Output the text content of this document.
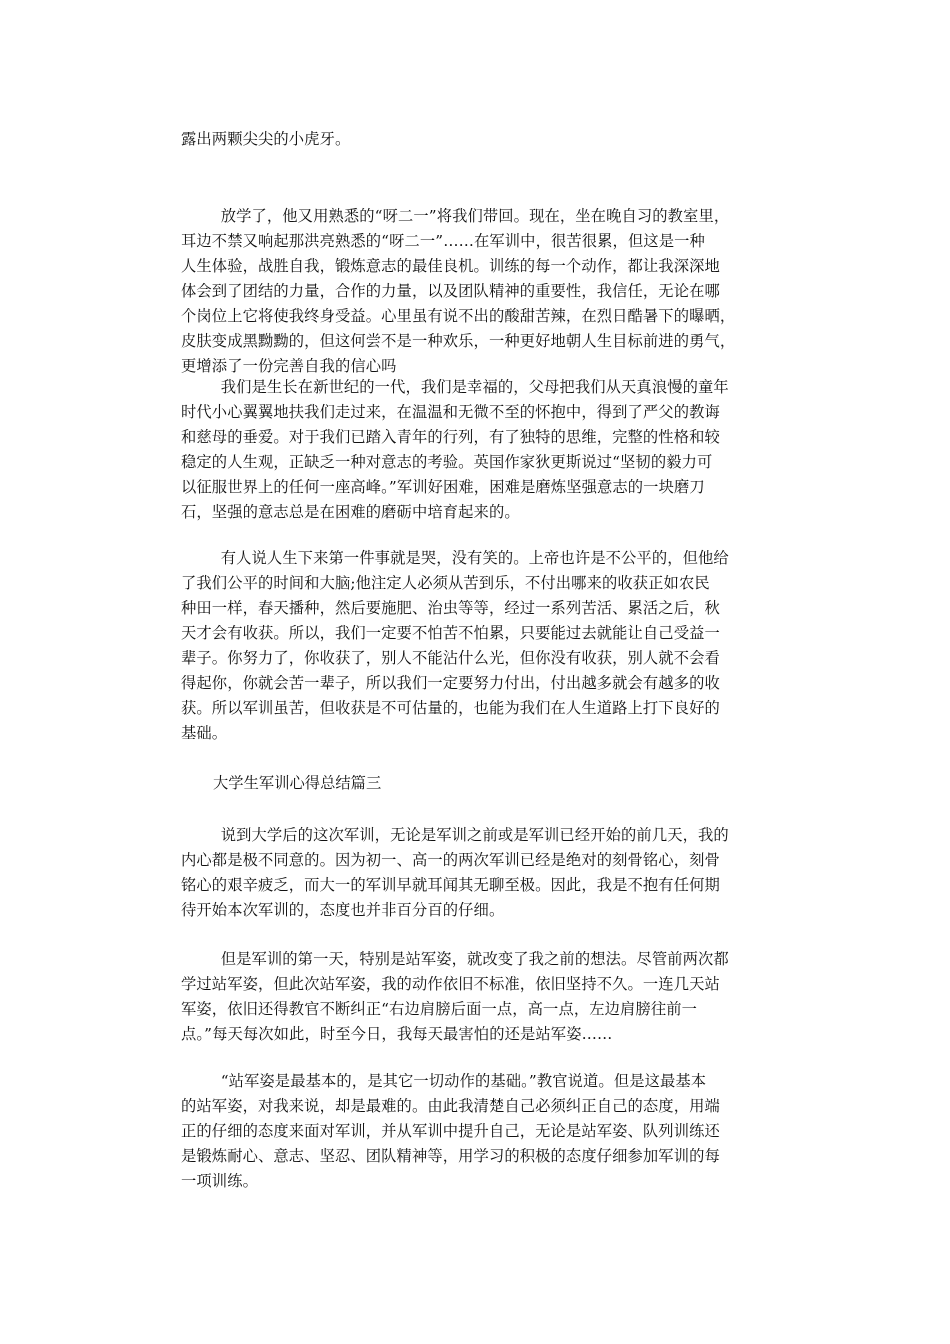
露出两颗尖尖的小虎牙。

放学了，他又用熟悉的“呀二一”将我们带回。现在，坐在晚自习的教室里，
耳边不禁又响起那洪亮熟悉的“呀二一”……在军训中，很苦很累，但这是一种
人生体验，战胜自我，锻炼意志的最佳良机。训练的每一个动作，都让我深深地
体会到了团结的力量，合作的力量，以及团队精神的重要性，我信任，无论在哪
个岗位上它将使我终身受益。心里虽有说不出的酸甜苦辣，在烈日酷暑下的曝晒，
皮肤变成黑黝黝的，但这何尝不是一种欢乐，一种更好地朝人生目标前进的勇气，
更增添了一份完善自我的信心吗

我们是生长在新世纪的一代，我们是幸福的，父母把我们从天真浪慢的童年
时代小心翼翼地扶我们走过来，在温温和无微不至的怀抱中，得到了严父的教诲
和慈母的垂爱。对于我们已踏入青年的行列，有了独特的思维，完整的性格和较
稳定的人生观，正缺乏一种对意志的考验。英国作家狄更斯说过“坚韧的毅力可
以征服世界上的任何一座高峰。”军训好困难，困难是磨炼坚强意志的一块磨刀
石，坚强的意志总是在困难的磨砺中培育起来的。

有人说人生下来第一件事就是哭，没有笑的。上帝也许是不公平的，但他给
了我们公平的时间和大脑;他注定人必须从苦到乐，不付出哪来的收获正如农民
种田一样，春天播种，然后要施肥、治虫等等，经过一系列苦活、累活之后，秋
天才会有收获。所以，我们一定要不怕苦不怕累，只要能过去就能让自己受益一
辈子。你努力了，你收获了，别人不能沾什么光，但你没有收获，别人就不会看
得起你，你就会苦一辈子，所以我们一定要努力付出，付出越多就会有越多的收
获。所以军训虽苦，但收获是不可估量的，也能为我们在人生道路上打下良好的
基础。

大学生军训心得总结篇三

说到大学后的这次军训，无论是军训之前或是军训已经开始的前几天，我的
内心都是极不同意的。因为初一、高一的两次军训已经是绝对的刻骨铭心，刻骨
铭心的艰辛疲乏，而大一的军训早就耳闻其无聊至极。因此，我是不抱有任何期
待开始本次军训的，态度也并非百分百的仔细。

但是军训的第一天，特别是站军姿，就改变了我之前的想法。尽管前两次都
学过站军姿，但此次站军姿，我的动作依旧不标准，依旧坚持不久。一连几天站
军姿，依旧还得教官不断纠正“右边肩膀后面一点，高一点，左边肩膀往前一
点。”每天每次如此，时至今日，我每天最害怕的还是站军姿……

“站军姿是最基本的，是其它一切动作的基础。”教官说道。但是这最基本
的站军姿，对我来说，却是最难的。由此我清楚自己必须纠正自己的态度，用端
正的仔细的态度来面对军训，并从军训中提升自己，无论是站军姿、队列训练还
是锻炼耐心、意志、坚忍、团队精神等，用学习的积极的态度仔细参加军训的每
一项训练。
